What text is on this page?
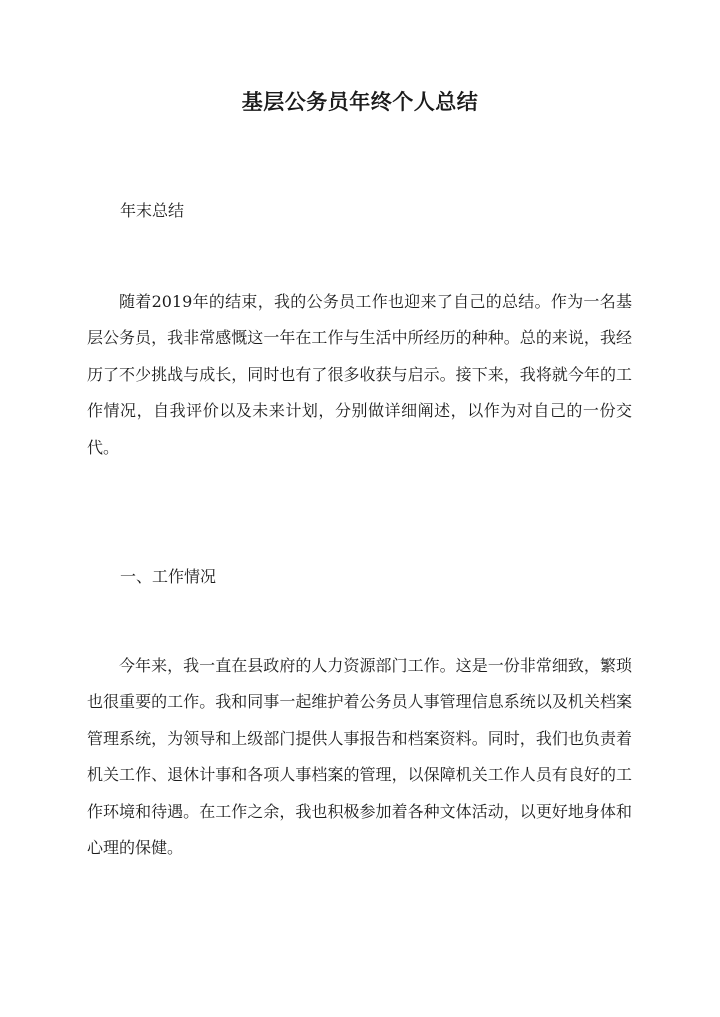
基层公务员年终个人总结
年末总结

随着2019年的结束，我的公务员工作也迎来了自己的总结。作为一名基层公务员，我非常感慨这一年在工作与生活中所经历的种种。总的来说，我经历了不少挑战与成长，同时也有了很多收获与启示。接下来，我将就今年的工作情况，自我评价以及未来计划，分别做详细阐述，以作为对自己的一份交代。

一、工作情况

今年来，我一直在县政府的人力资源部门工作。这是一份非常细致，繁琐也很重要的工作。我和同事一起维护着公务员人事管理信息系统以及机关档案管理系统，为领导和上级部门提供人事报告和档案资料。同时，我们也负责着机关工作、退休计事和各项人事档案的管理，以保障机关工作人员有良好的工作环境和待遇。在工作之余，我也积极参加着各种文体活动，以更好地身体和心理的保健。
